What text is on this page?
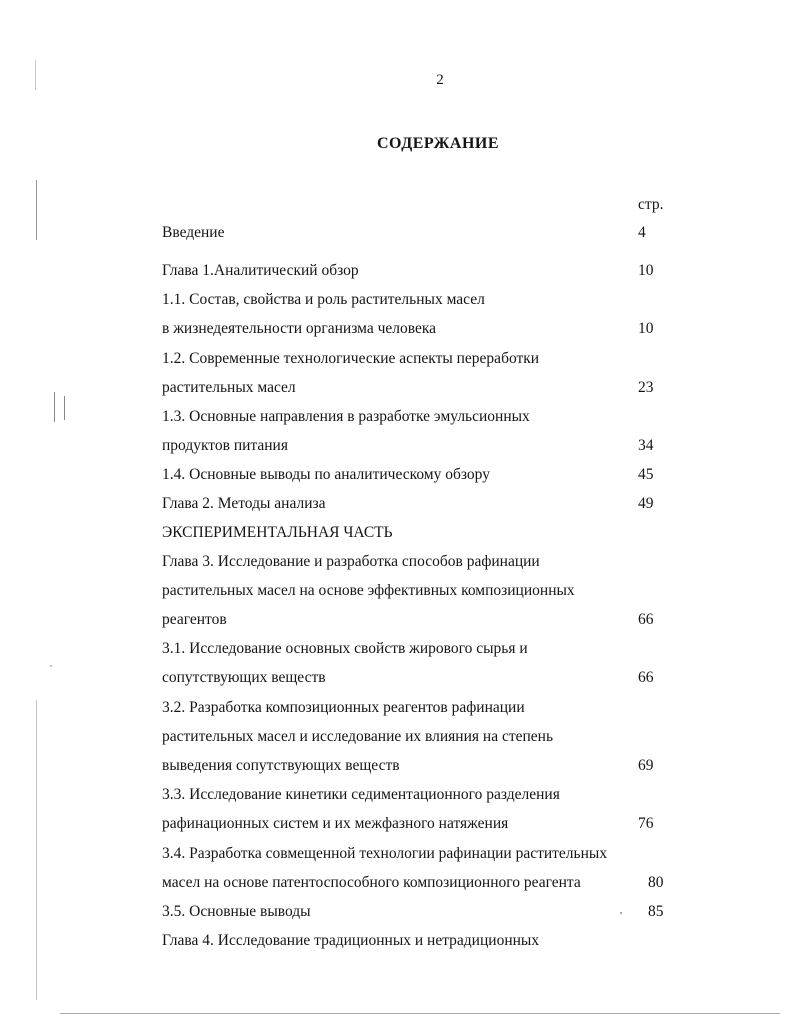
2
СОДЕРЖАНИЕ
стр.
Введение	4
Глава 1.Аналитический обзор	10
1.1. Состав, свойства и роль растительных масел
в жизнедеятельности организма человека	10
1.2. Современные технологические аспекты переработки
растительных масел	23
1.3. Основные направления в разработке эмульсионных
продуктов питания	34
1.4. Основные выводы по аналитическому обзору	45
Глава 2. Методы анализа	49
ЭКСПЕРИМЕНТАЛЬНАЯ ЧАСТЬ
Глава 3. Исследование и разработка способов рафинации
растительных масел на основе эффективных композиционных
реагентов	66
3.1. Исследование основных свойств жирового сырья и
сопутствующих веществ	66
3.2. Разработка композиционных реагентов рафинации
растительных масел и исследование их влияния на степень
выведения сопутствующих веществ	69
3.3. Исследование кинетики седиментационного разделения
рафинационных систем и их межфазного натяжения	76
3.4. Разработка совмещенной технологии рафинации растительных
масел на основе патентоспособного композиционного реагента	80
3.5. Основные выводы	85
Глава 4. Исследование традиционных и нетрадиционных
